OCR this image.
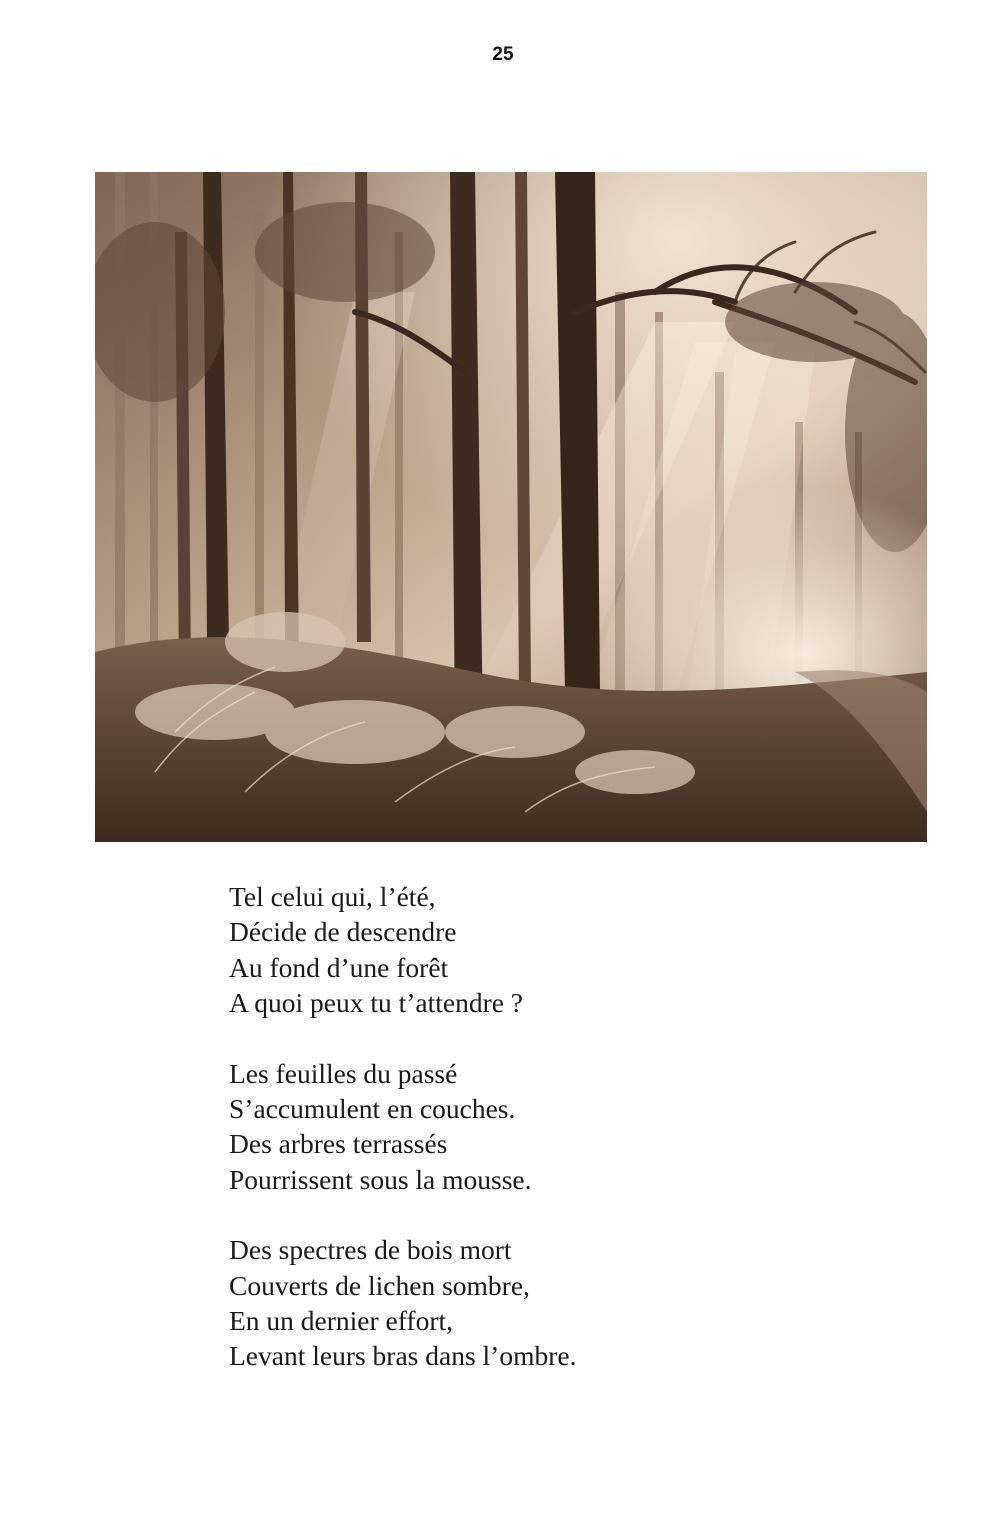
25
Tel celui qui, l’été,
Décide de descendre
Au fond d’une forêt
A quoi peux tu t’attendre ?
Les feuilles du passé
S’accumulent en couches.
Des arbres terrassés
Pourrissent sous la mousse.
Des spectres de bois mort
Couverts de lichen sombre,
En un dernier effort,
Levant leurs bras dans l’ombre.
